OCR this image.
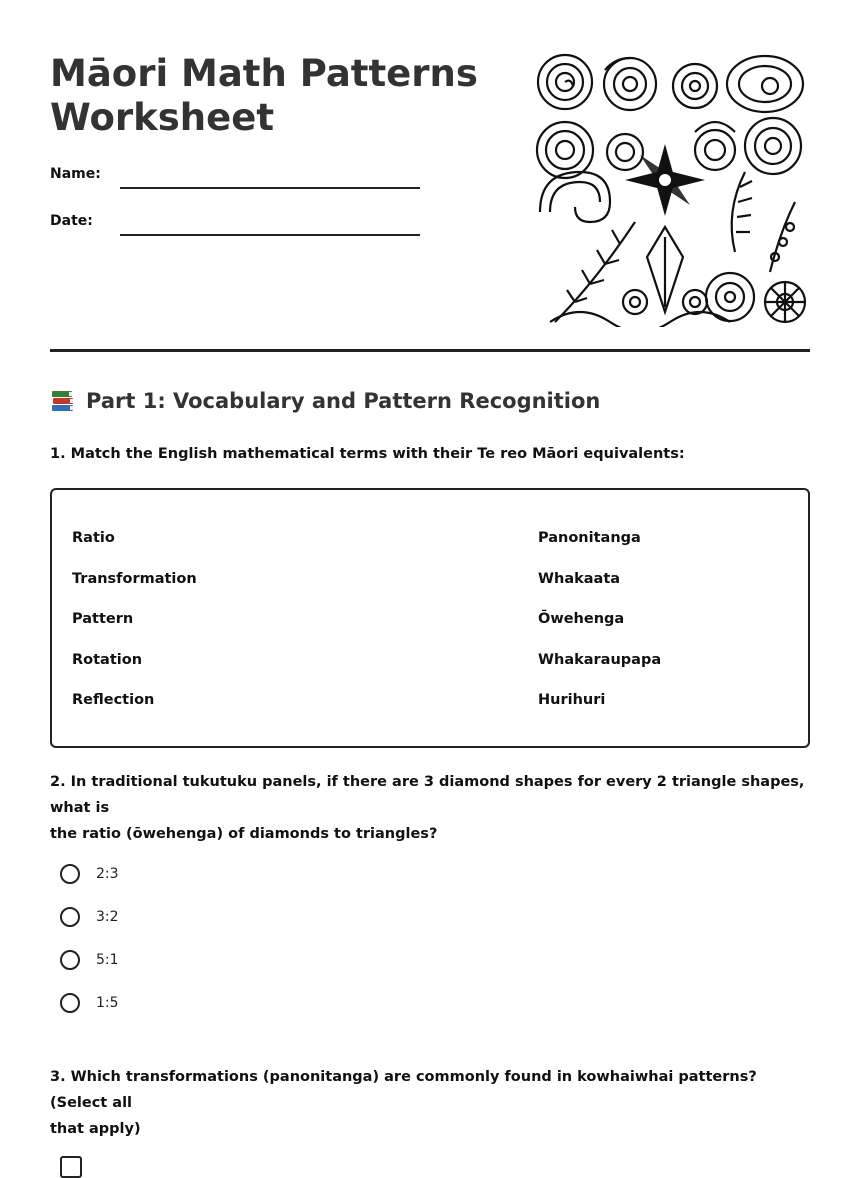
Māori Math Patterns
Worksheet
Name:
Date:
Part 1: Vocabulary and Pattern Recognition

1. Match the English mathematical terms with their Te reo Māori equivalents:

Ratio
Transformation
Pattern
Rotation
Reflection
Panonitanga
Whakaata
Ōwehenga
Whakaraupapa
Hurihuri

2. In traditional tukutuku panels, if there are 3 diamond shapes for every 2 triangle shapes, what is
the ratio (ōwehenga) of diamonds to triangles?

2:3
3:2
5:1
1:5

3. Which transformations (panonitanga) are commonly found in kowhaiwhai patterns? (Select all
that apply)
